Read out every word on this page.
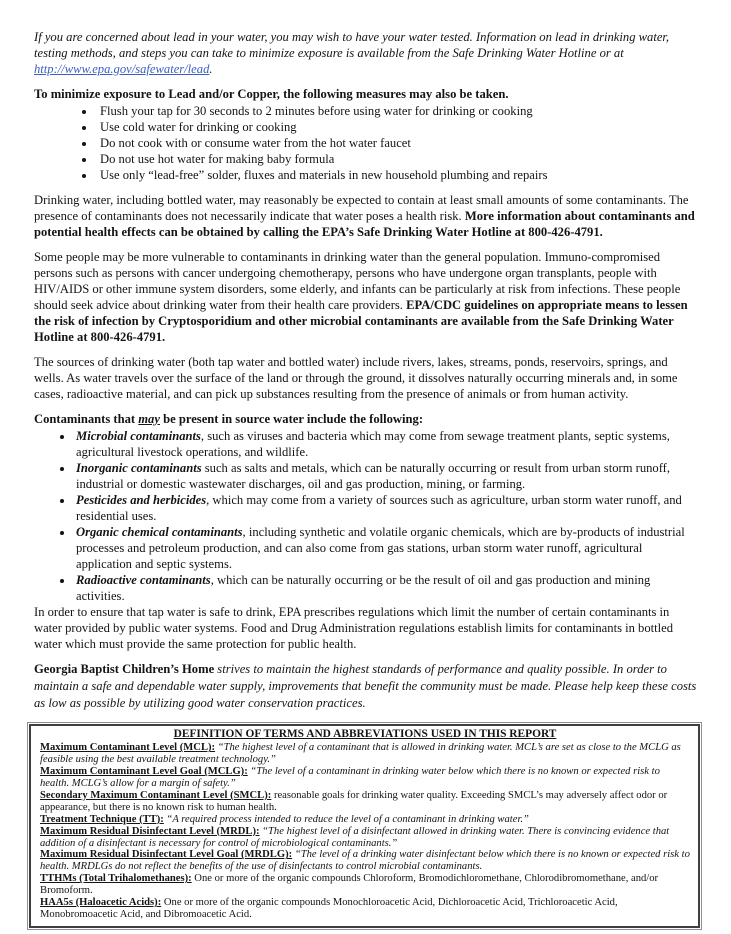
If you are concerned about lead in your water, you may wish to have your water tested. Information on lead in drinking water, testing methods, and steps you can take to minimize exposure is available from the Safe Drinking Water Hotline or at http://www.epa.gov/safewater/lead.

To minimize exposure to Lead and/or Copper, the following measures may also be taken.

• Flush your tap for 30 seconds to 2 minutes before using water for drinking or cooking
• Use cold water for drinking or cooking
• Do not cook with or consume water from the hot water faucet
• Do not use hot water for making baby formula
• Use only “lead-free” solder, fluxes and materials in new household plumbing and repairs

Drinking water, including bottled water, may reasonably be expected to contain at least small amounts of some contaminants. The presence of contaminants does not necessarily indicate that water poses a health risk. More information about contaminants and potential health effects can be obtained by calling the EPA’s Safe Drinking Water Hotline at 800-426-4791.

Some people may be more vulnerable to contaminants in drinking water than the general population. Immuno-compromised persons such as persons with cancer undergoing chemotherapy, persons who have undergone organ transplants, people with HIV/AIDS or other immune system disorders, some elderly, and infants can be particularly at risk from infections. These people should seek advice about drinking water from their health care providers. EPA/CDC guidelines on appropriate means to lessen the risk of infection by Cryptosporidium and other microbial contaminants are available from the Safe Drinking Water Hotline at 800-426-4791.

The sources of drinking water (both tap water and bottled water) include rivers, lakes, streams, ponds, reservoirs, springs, and wells. As water travels over the surface of the land or through the ground, it dissolves naturally occurring minerals and, in some cases, radioactive material, and can pick up substances resulting from the presence of animals or from human activity.

Contaminants that may be present in source water include the following:

• Microbial contaminants, such as viruses and bacteria which may come from sewage treatment plants, septic systems, agricultural livestock operations, and wildlife.
• Inorganic contaminants such as salts and metals, which can be naturally occurring or result from urban storm runoff, industrial or domestic wastewater discharges, oil and gas production, mining, or farming.
• Pesticides and herbicides, which may come from a variety of sources such as agriculture, urban storm water runoff, and residential uses.
• Organic chemical contaminants, including synthetic and volatile organic chemicals, which are by-products of industrial processes and petroleum production, and can also come from gas stations, urban storm water runoff, agricultural application and septic systems.
• Radioactive contaminants, which can be naturally occurring or be the result of oil and gas production and mining activities.

In order to ensure that tap water is safe to drink, EPA prescribes regulations which limit the number of certain contaminants in water provided by public water systems. Food and Drug Administration regulations establish limits for contaminants in bottled water which must provide the same protection for public health.

Georgia Baptist Children’s Home strives to maintain the highest standards of performance and quality possible. In order to maintain a safe and dependable water supply, improvements that benefit the community must be made. Please help keep these costs as low as possible by utilizing good water conservation practices.

DEFINITION OF TERMS AND ABBREVIATIONS USED IN THIS REPORT

Maximum Contaminant Level (MCL): “The highest level of a contaminant that is allowed in drinking water. MCL’s are set as close to the MCLG as feasible using the best available treatment technology.”

Maximum Contaminant Level Goal (MCLG): “The level of a contaminant in drinking water below which there is no known or expected risk to health. MCLG’s allow for a margin of safety.”

Secondary Maximum Contaminant Level (SMCL): reasonable goals for drinking water quality. Exceeding SMCL’s may adversely affect odor or appearance, but there is no known risk to human health.

Treatment Technique (TT): “A required process intended to reduce the level of a contaminant in drinking water.”

Maximum Residual Disinfectant Level (MRDL): “The highest level of a disinfectant allowed in drinking water. There is convincing evidence that addition of a disinfectant is necessary for control of microbiological contaminants.”

Maximum Residual Disinfectant Level Goal (MRDLG): “The level of a drinking water disinfectant below which there is no known or expected risk to health. MRDLGs do not reflect the benefits of the use of disinfectants to control microbial contaminants.

TTHMs (Total Trihalomethanes): One or more of the organic compounds Chloroform, Bromodichloromethane, Chlorodibromomethane, and/or Bromoform.

HAA5s (Haloacetic Acids): One or more of the organic compounds Monochloroacetic Acid, Dichloroacetic Acid, Trichloroacetic Acid, Monobromoacetic Acid, and Dibromoacetic Acid.
